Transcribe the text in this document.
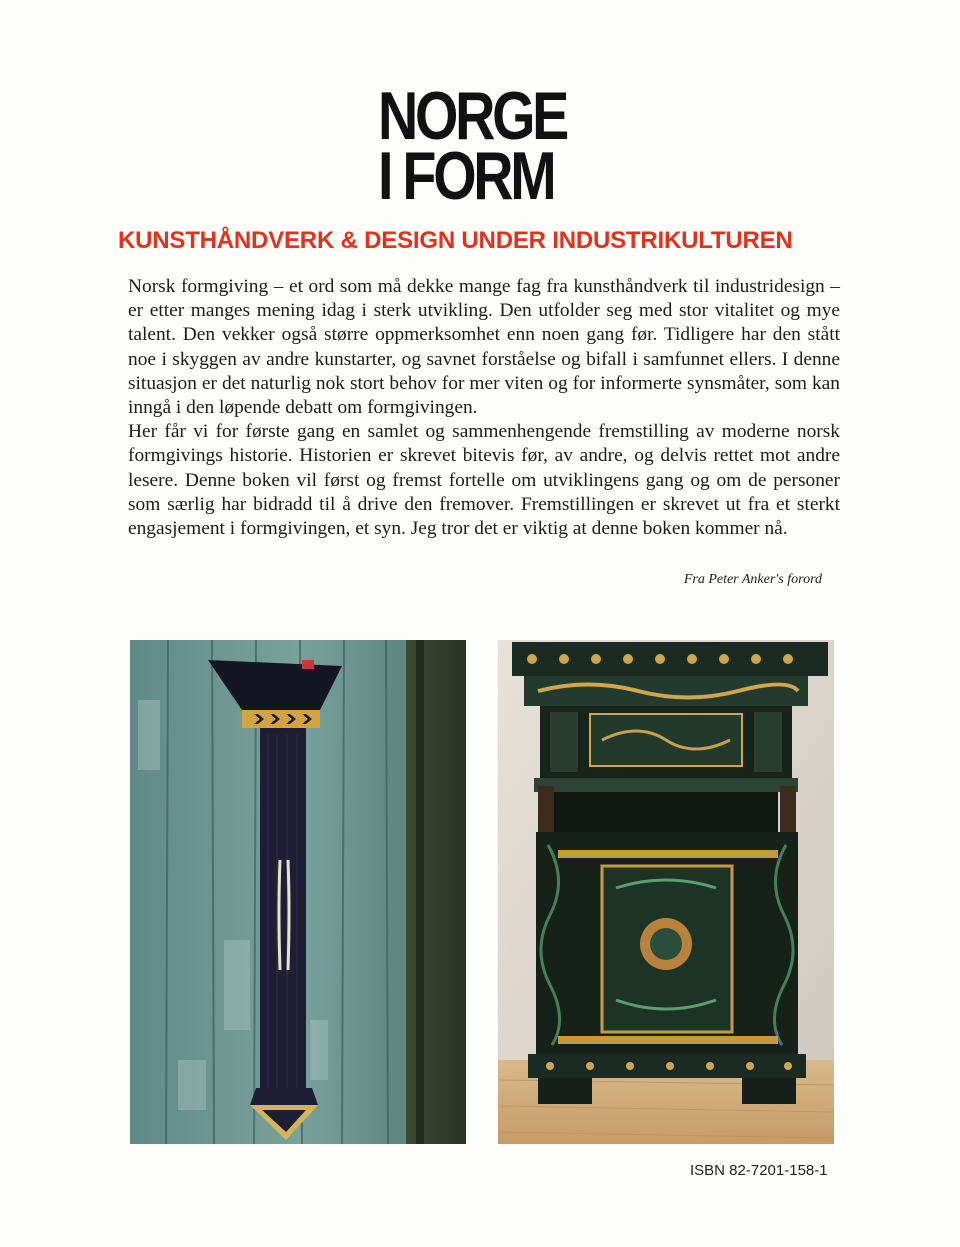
NORGE
I FORM
KUNSTHÅNDVERK & DESIGN UNDER INDUSTRIKULTUREN

Norsk formgiving – et ord som må dekke mange fag fra kunsthåndverk til industridesign – er etter manges mening idag i sterk utvikling. Den utfolder seg med stor vitalitet og mye talent. Den vekker også større oppmerksomhet enn noen gang før. Tidligere har den stått noe i skyggen av andre kunstarter, og savnet forståelse og bifall i samfunnet ellers. I denne situasjon er det naturlig nok stort behov for mer viten og for informerte synsmåter, som kan inngå i den løpende debatt om formgivingen.

Her får vi for første gang en samlet og sammenhengende fremstilling av moderne norsk formgivings historie. Historien er skrevet bitevis før, av andre, og delvis rettet mot andre lesere. Denne boken vil først og fremst fortelle om utviklingens gang og om de personer som særlig har bidradd til å drive den fremover. Fremstillingen er skrevet ut fra et sterkt engasjement i formgivingen, et syn. Jeg tror det er viktig at denne boken kommer nå.

Fra Peter Anker's forord
ISBN 82-7201-158-1
